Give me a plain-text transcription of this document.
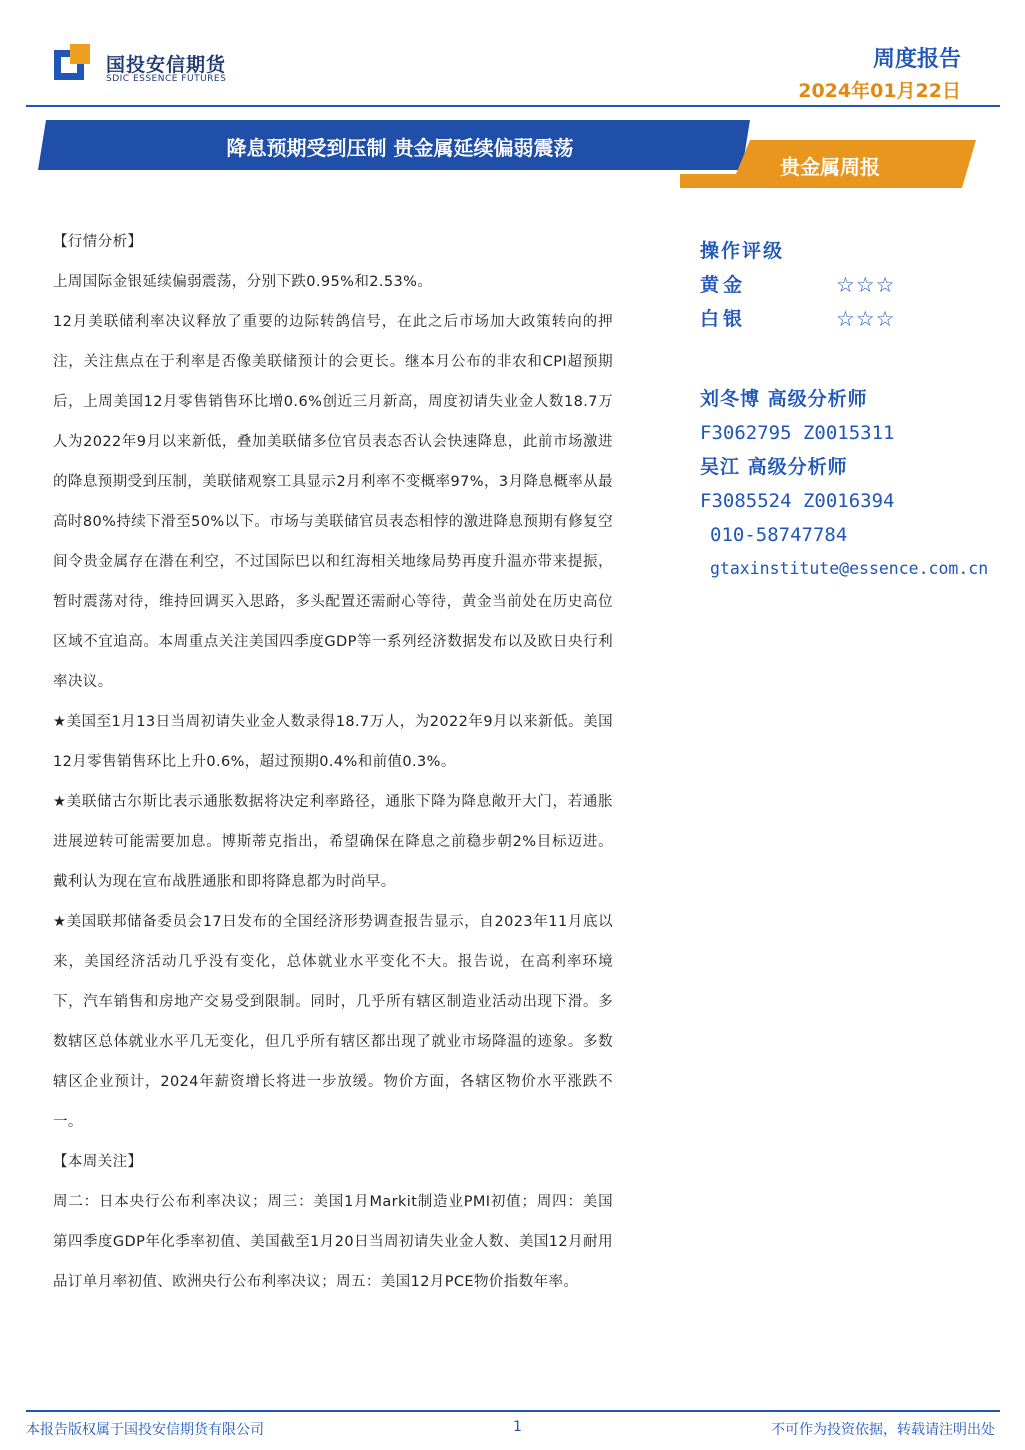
国投安信期货
SDIC ESSENCE FUTURES
周度报告
2024年01月22日
降息预期受到压制 贵金属延续偏弱震荡
贵金属周报

【行情分析】

上周国际金银延续偏弱震荡，分别下跌0.95%和2.53%。

12月美联储利率决议释放了重要的边际转鸽信号，在此之后市场加大政策转向的押注，关注焦点在于利率是否像美联储预计的会更长。继本月公布的非农和CPI超预期后，上周美国12月零售销售环比增0.6%创近三月新高，周度初请失业金人数18.7万人为2022年9月以来新低，叠加美联储多位官员表态否认会快速降息，此前市场激进的降息预期受到压制，美联储观察工具显示2月利率不变概率97%，3月降息概率从最高时80%持续下滑至50%以下。市场与美联储官员表态相悖的激进降息预期有修复空间令贵金属存在潜在利空，不过国际巴以和红海相关地缘局势再度升温亦带来提振，暂时震荡对待，维持回调买入思路，多头配置还需耐心等待，黄金当前处在历史高位区域不宜追高。本周重点关注美国四季度GDP等一系列经济数据发布以及欧日央行利率决议。

★美国至1月13日当周初请失业金人数录得18.7万人，为2022年9月以来新低。美国12月零售销售环比上升0.6%，超过预期0.4%和前值0.3%。

★美联储古尔斯比表示通胀数据将决定利率路径，通胀下降为降息敞开大门，若通胀进展逆转可能需要加息。博斯蒂克指出，希望确保在降息之前稳步朝2%目标迈进。戴利认为现在宣布战胜通胀和即将降息都为时尚早。

★美国联邦储备委员会17日发布的全国经济形势调查报告显示，自2023年11月底以来，美国经济活动几乎没有变化，总体就业水平变化不大。报告说，在高利率环境下，汽车销售和房地产交易受到限制。同时，几乎所有辖区制造业活动出现下滑。多数辖区总体就业水平几无变化，但几乎所有辖区都出现了就业市场降温的迹象。多数辖区企业预计，2024年薪资增长将进一步放缓。物价方面，各辖区物价水平涨跌不一。

【本周关注】

周二：日本央行公布利率决议；周三：美国1月Markit制造业PMI初值；周四：美国第四季度GDP年化季率初值、美国截至1月20日当周初请失业金人数、美国12月耐用品订单月率初值、欧洲央行公布利率决议；周五：美国12月PCE物价指数年率。

操作评级
黄金	☆☆☆
白银	☆☆☆
刘冬博 高级分析师
F3062795 Z0015311
吴江 高级分析师
F3085524 Z0016394
010-58747784
gtaxinstitute@essence.com.cn
本报告版权属于国投安信期货有限公司	1	不可作为投资依据，转载请注明出处
